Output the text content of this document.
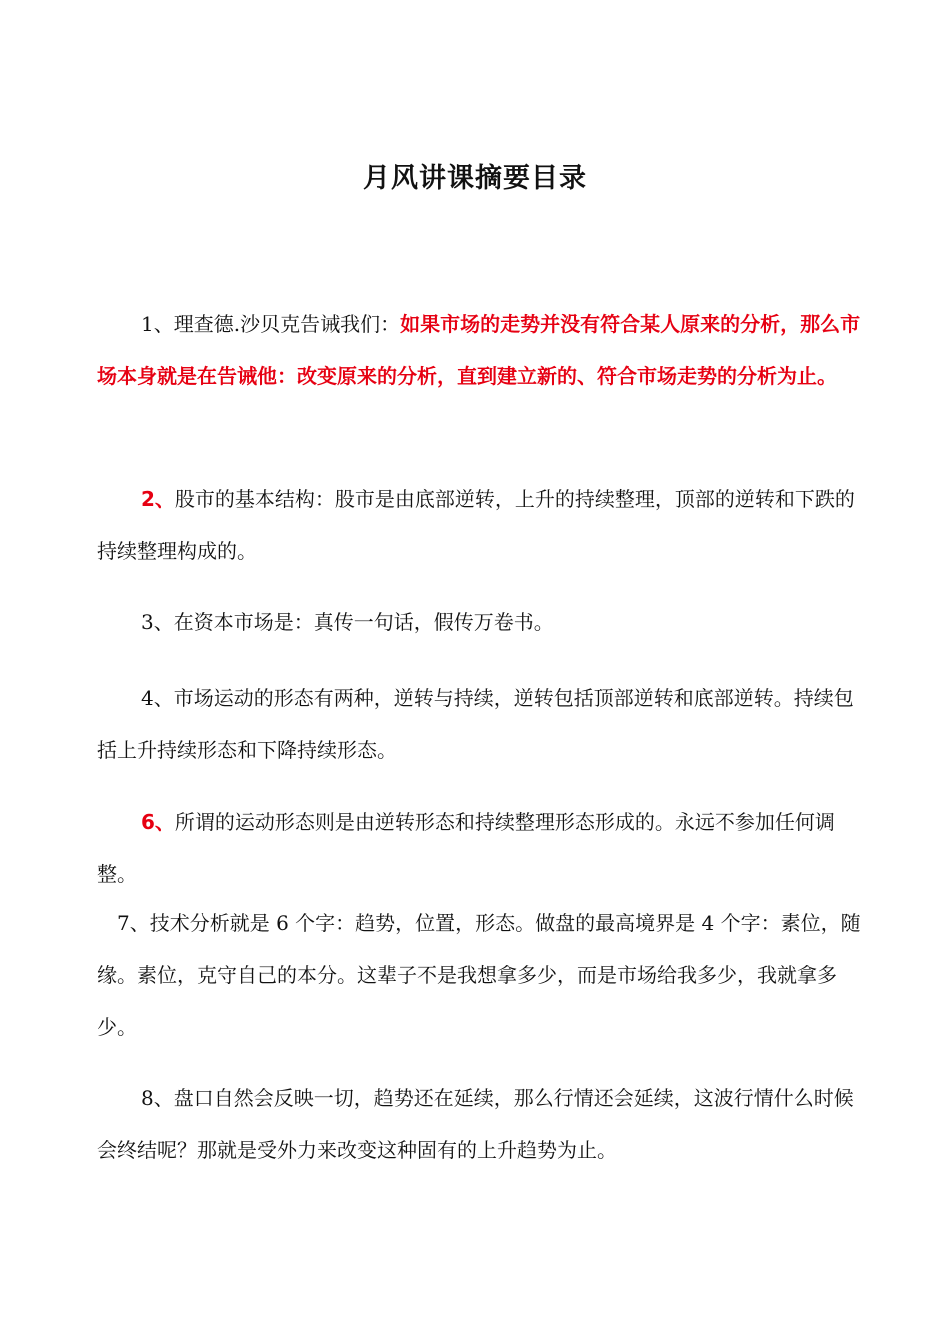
月风讲课摘要目录

1、理查德.沙贝克告诫我们：如果市场的走势并没有符合某人原来的分析，那么市场本身就是在告诫他：改变原来的分析，直到建立新的、符合市场走势的分析为止。

2、股市的基本结构：股市是由底部逆转，上升的持续整理，顶部的逆转和下跌的持续整理构成的。

3、在资本市场是：真传一句话，假传万卷书。

4、市场运动的形态有两种，逆转与持续，逆转包括顶部逆转和底部逆转。持续包括上升持续形态和下降持续形态。

6、所谓的运动形态则是由逆转形态和持续整理形态形成的。永远不参加任何调整。

7、技术分析就是 6 个字：趋势，位置，形态。做盘的最高境界是 4 个字：素位，随缘。素位，克守自己的本分。这辈子不是我想拿多少，而是市场给我多少，我就拿多少。

8、盘口自然会反映一切，趋势还在延续，那么行情还会延续，这波行情什么时候会终结呢？那就是受外力来改变这种固有的上升趋势为止。
